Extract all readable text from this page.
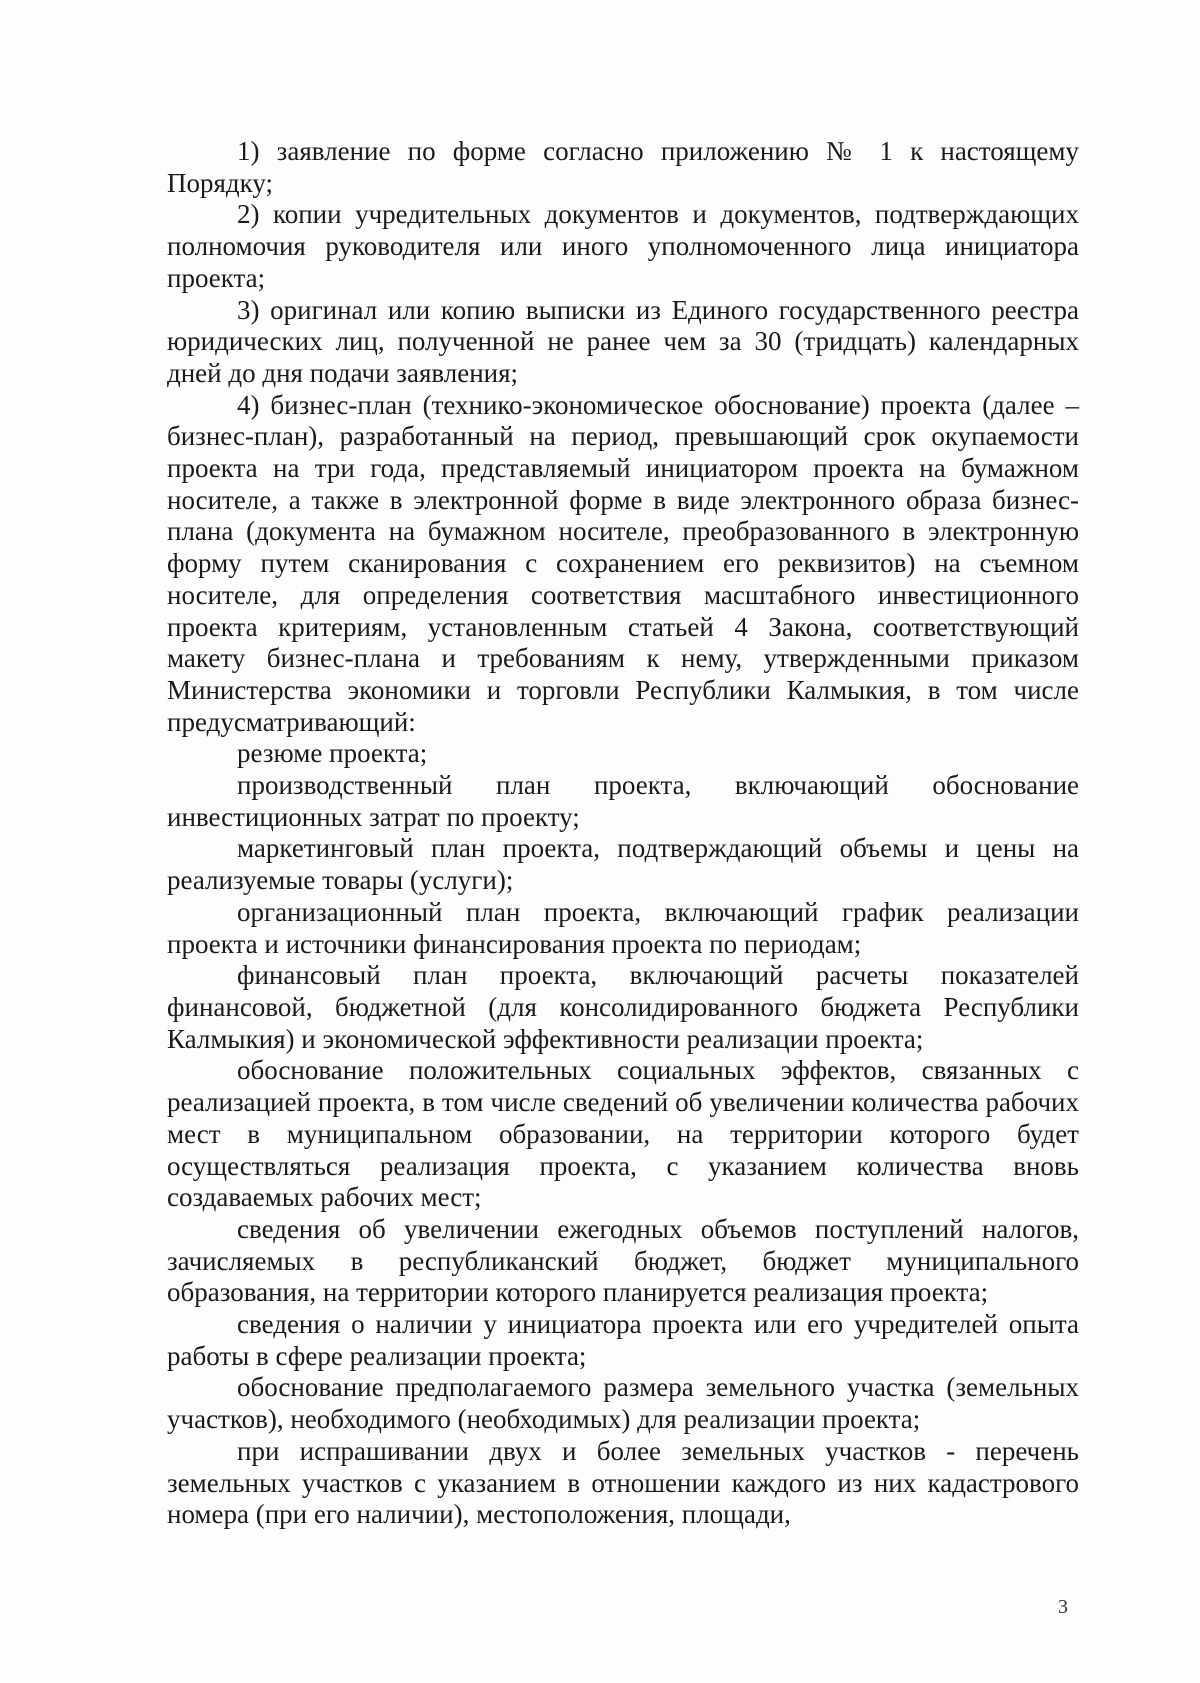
1) заявление по форме согласно приложению № 1 к настоящему Порядку;

2) копии учредительных документов и документов, подтверждающих полномочия руководителя или иного уполномоченного лица инициатора проекта;

3) оригинал или копию выписки из Единого государственного реестра юридических лиц, полученной не ранее чем за 30 (тридцать) календарных дней до дня подачи заявления;

4) бизнес-план (технико-экономическое обоснование) проекта (далее – бизнес-план), разработанный на период, превышающий срок окупаемости проекта на три года, представляемый инициатором проекта на бумажном носителе, а также в электронной форме в виде электронного образа бизнес-плана (документа на бумажном носителе, преобразованного в электронную форму путем сканирования с сохранением его реквизитов) на съемном носителе, для определения соответствия масштабного инвестиционного проекта критериям, установленным статьей 4 Закона, соответствующий макету бизнес-плана и требованиям к нему, утвержденными приказом Министерства экономики и торговли Республики Калмыкия, в том числе предусматривающий:

резюме проекта;

производственный план проекта, включающий обоснование инвестиционных затрат по проекту;

маркетинговый план проекта, подтверждающий объемы и цены на реализуемые товары (услуги);

организационный план проекта, включающий график реализации проекта и источники финансирования проекта по периодам;

финансовый план проекта, включающий расчеты показателей финансовой, бюджетной (для консолидированного бюджета Республики Калмыкия) и экономической эффективности реализации проекта;

обоснование положительных социальных эффектов, связанных с реализацией проекта, в том числе сведений об увеличении количества рабочих мест в муниципальном образовании, на территории которого будет осуществляться реализация проекта, с указанием количества вновь создаваемых рабочих мест;

сведения об увеличении ежегодных объемов поступлений налогов, зачисляемых в республиканский бюджет, бюджет муниципального образования, на территории которого планируется реализация проекта;

сведения о наличии у инициатора проекта или его учредителей опыта работы в сфере реализации проекта;

обоснование предполагаемого размера земельного участка (земельных участков), необходимого (необходимых) для реализации проекта;

при испрашивании двух и более земельных участков - перечень земельных участков с указанием в отношении каждого из них кадастрового номера (при его наличии), местоположения, площади,

3
